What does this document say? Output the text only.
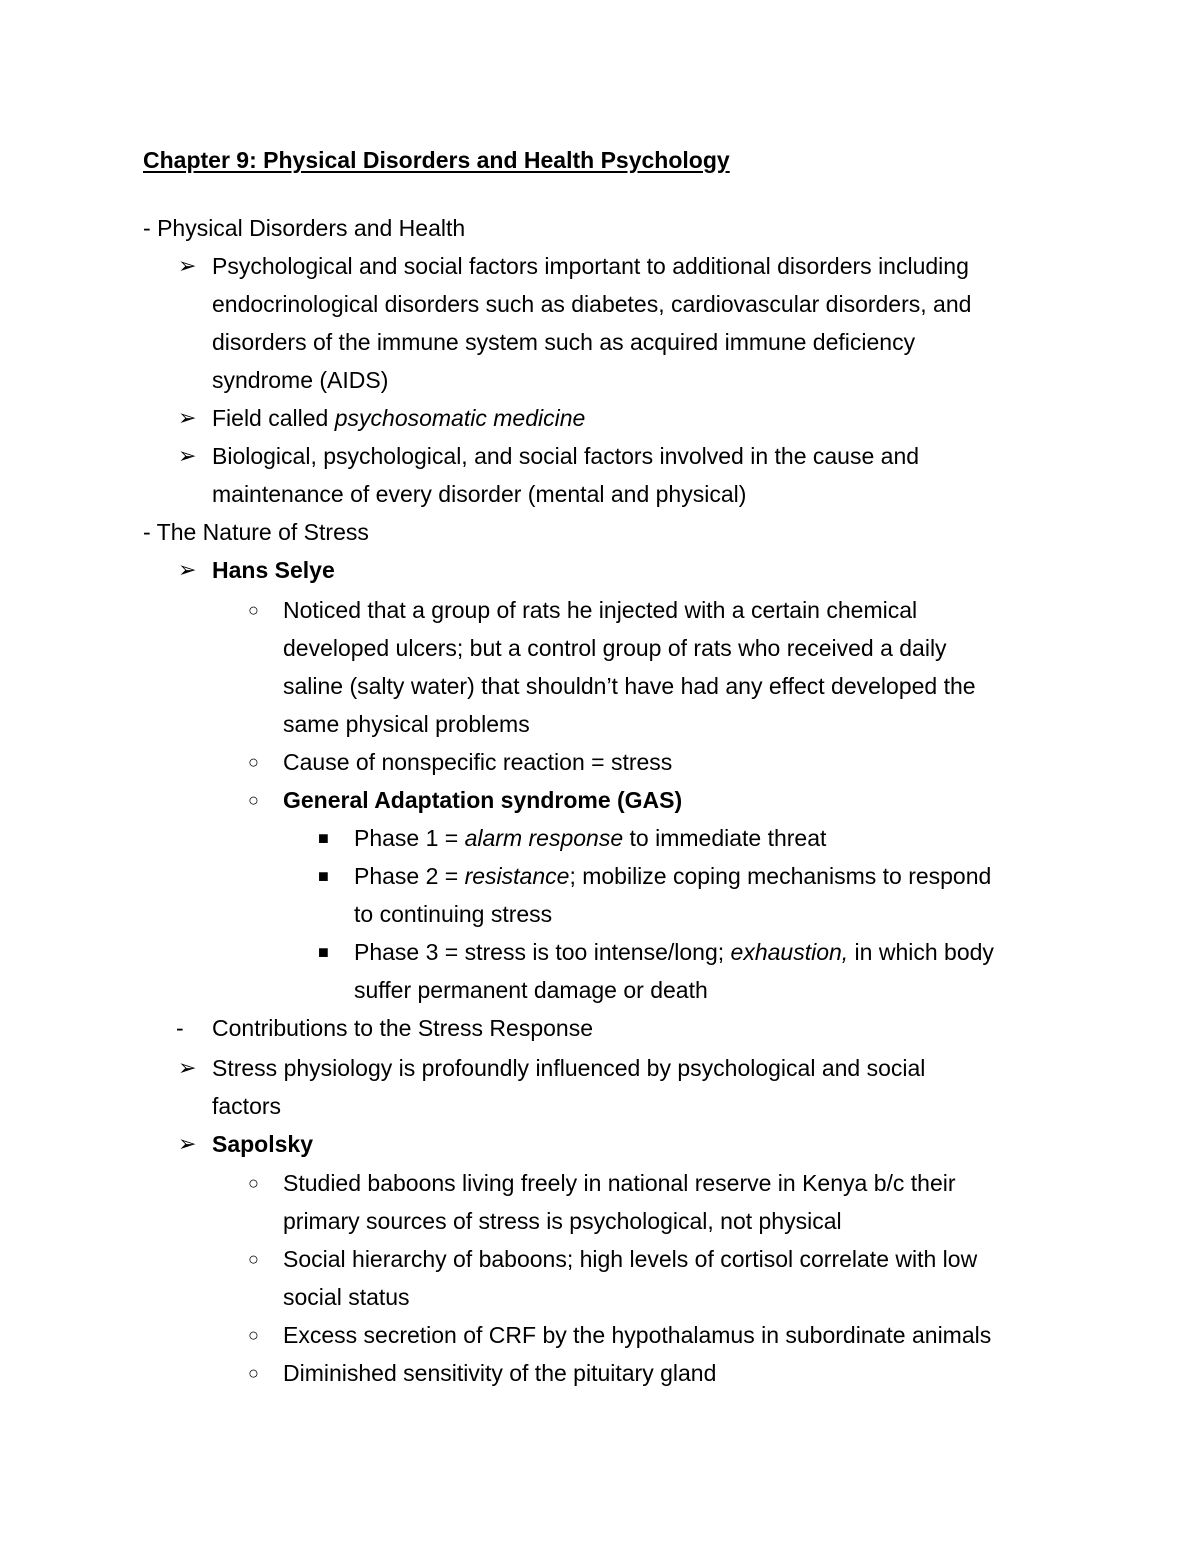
Chapter 9: Physical Disorders and Health Psychology
- Physical Disorders and Health
➢ Psychological and social factors important to additional disorders including
endocrinological disorders such as diabetes, cardiovascular disorders, and
disorders of the immune system such as acquired immune deficiency
syndrome (AIDS)
➢ Field called psychosomatic medicine
➢ Biological, psychological, and social factors involved in the cause and
maintenance of every disorder (mental and physical)
- The Nature of Stress
➢ Hans Selye
○ Noticed that a group of rats he injected with a certain chemical
developed ulcers; but a control group of rats who received a daily
saline (salty water) that shouldn’t have had any effect developed the
same physical problems
○ Cause of nonspecific reaction = stress
○ General Adaptation syndrome (GAS)
■ Phase 1 = alarm response to immediate threat
■ Phase 2 = resistance; mobilize coping mechanisms to respond
to continuing stress
■ Phase 3 = stress is too intense/long; exhaustion, in which body
suffer permanent damage or death
- Contributions to the Stress Response
➢ Stress physiology is profoundly influenced by psychological and social
factors
➢ Sapolsky
○ Studied baboons living freely in national reserve in Kenya b/c their
primary sources of stress is psychological, not physical
○ Social hierarchy of baboons; high levels of cortisol correlate with low
social status
○ Excess secretion of CRF by the hypothalamus in subordinate animals
○ Diminished sensitivity of the pituitary gland
